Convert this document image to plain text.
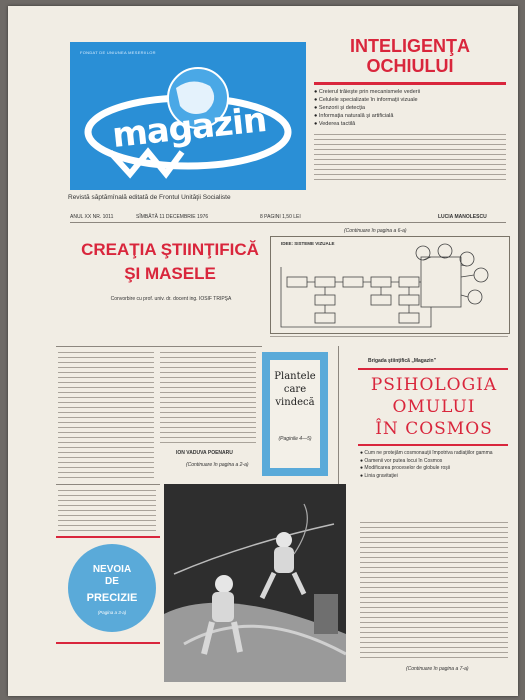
FONDAT DE UNIUNEA MESERIILOR
magazin
Revistă săptămînală editată de Frontul Unităţii Socialiste
ANUL XX NR. 1011	SÎMBĂTĂ 11 DECEMBRIE 1976	8 PAGINI 1,50 LEI
INTELIGENŢA
OCHIULUI
● Creierul trăieşte prin mecanismele vederii
● Celulele specializate în informaţii vizuale
● Senzorii şi detecţia
● Informaţia naturală şi artificială
● Vederea tactilă
LUCIA MANOLESCU
(Continuare în pagina a 6-a)
CREAŢIA ŞTIINŢIFICĂ
ŞI MASELE
Convorbire cu prof. univ. dr. docent ing. IOSIF TRIPŞA
IDEE: SISTEME VIZUALE
ION VADUVA POENARU
(Continuare în pagina a 2-a)
Plantele care vindecă
(Paginile 4—5)
Brigada ştiinţifică „Magazin”
PSIHOLOGIA
OMULUI
ÎN COSMOS
● Cum ne protejăm cosmonauţii împotriva radiaţiilor gamma
● Oamenii vor putea locui în Cosmos
● Modificarea proceselor de globule roşii
● Linia gravitaţiei
(Continuare în pagina a 7-a)
NEVOIA
DE
PRECIZIE
(Pagina a 3-a)
